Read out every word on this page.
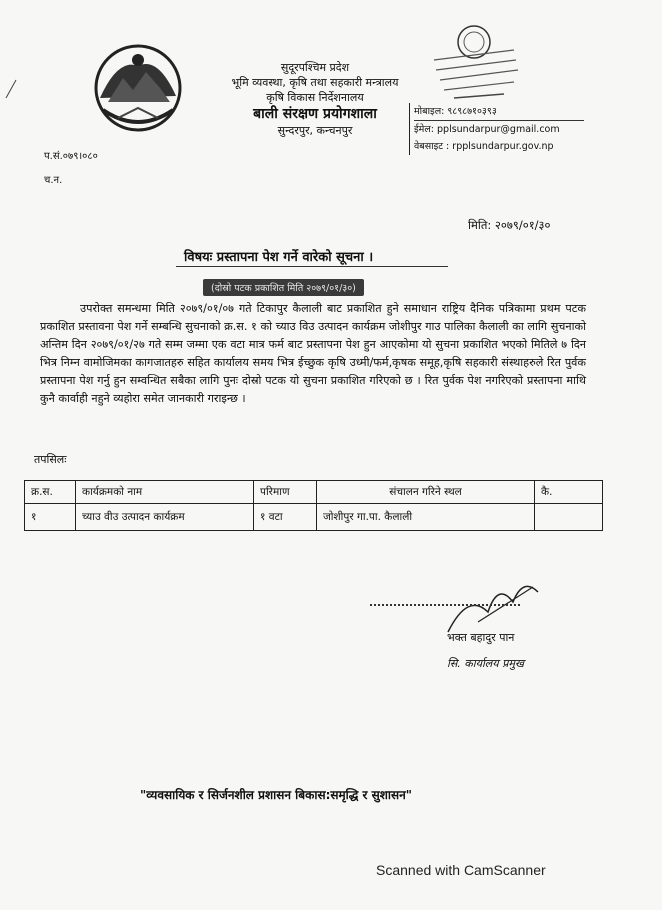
सुदूरपश्चिम प्रदेश
भूमि व्यवस्था, कृषि तथा सहकारी मन्त्रालय
कृषि विकास निर्देशनालय
बाली संरक्षण प्रयोगशाला
सुन्दरपुर, कन्चनपुर
मोबाइल: ९८९८७१०३९३
ईमेल: pplsundarpur@gmail.com
वेबसाइट : rpplsundarpur.gov.np
प.सं.०७९।०८०
च.न.
मिति: २०७९/०१/३०
विषयः प्रस्तापना पेश गर्ने वारेको सूचना ।
(दोस्रो पटक प्रकाशित मिति २०७९/०१/३०)
उपरोक्त समन्धमा मिति २०७९/०१/०७ गते टिकापुर कैलाली बाट प्रकाशित हुने समाधान राष्ट्रिय दैनिक पत्रिकामा प्रथम पटक प्रकाशित प्रस्तावना पेश गर्ने सम्बन्धि सुचनाको क्र.स. १ को च्याउ विउ उत्पादन कार्यक्रम जोशीपुर गाउ पालिका कैलाली का लागि सुचनाको अन्तिम दिन २०७९/०१/२७ गते सम्म जम्मा एक वटा मात्र फर्म बाट प्रस्तापना पेश हुन आएकोमा यो सुचना प्रकाशित भएको मितिले ७ दिन भित्र निम्न वामोजिमका कागजातहरु सहित कार्यालय समय भित्र ईच्छुक कृषि उध्मी/फर्म,कृषक समूह,कृषि सहकारी संस्थाहरुले रित पुर्वक प्रस्तापना पेश गर्नु हुन सम्वन्धित सबैका लागि पुनः दोस्रो पटक यो सुचना प्रकाशित गरिएको छ । रित पुर्वक पेश नगरिएको प्रस्तापना माथि कुनै कार्वाही नहुने व्यहोरा समेत जानकारी गराइन्छ ।
तपसिलः
क्र.स.	कार्यक्रमको नाम	परिमाण	संचालन गरिने स्थल	कै.
१	च्याउ वीउ उत्पादन कार्यक्रम	१ वटा	जोशीपुर गा.पा. कैलाली	
भक्त बहादुर पान
सि. कार्यालय प्रमुख
"व्यवसायिक र सिर्जनशील प्रशासन बिकास:समृद्धि र सुशासन"
Scanned with CamScanner
